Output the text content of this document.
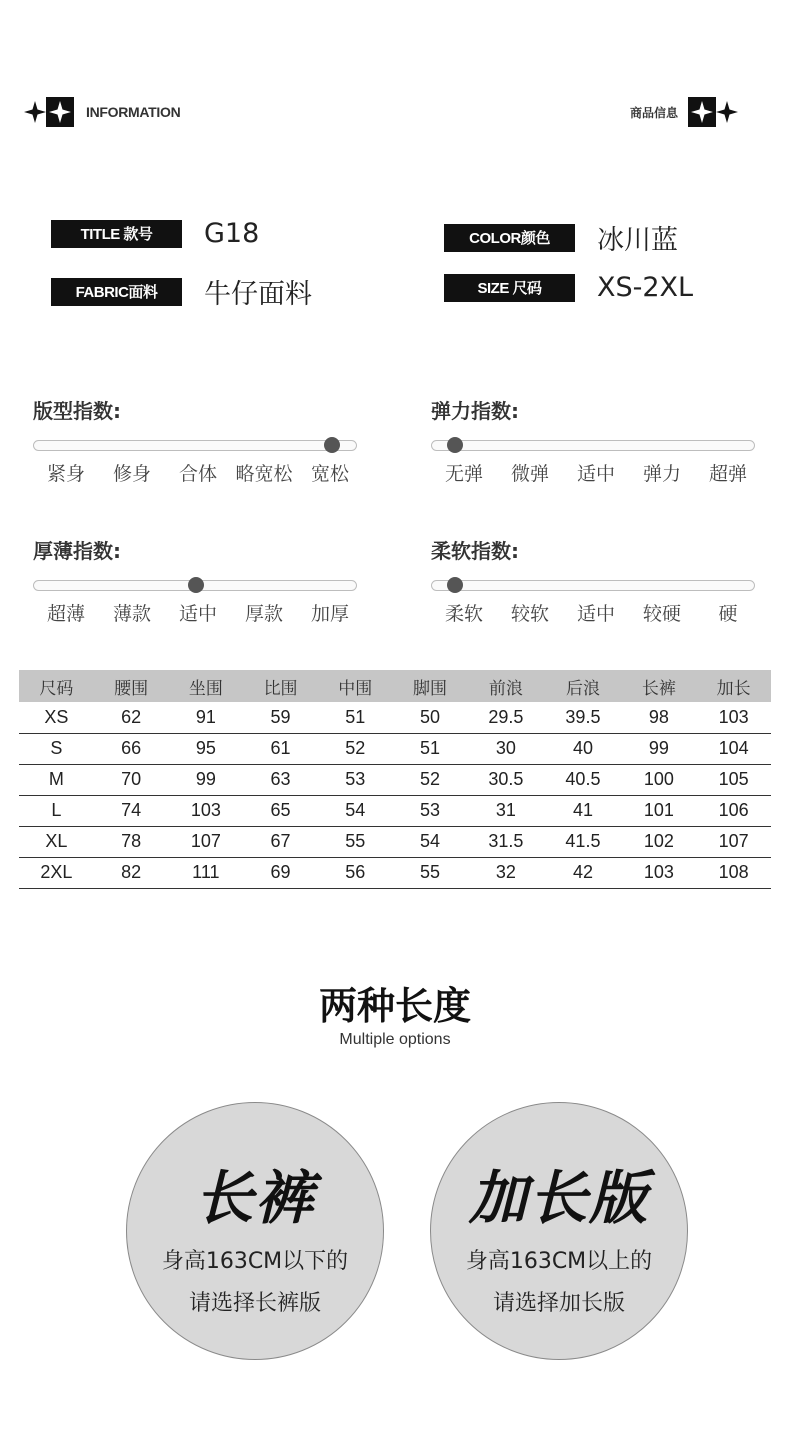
INFORMATION	商品信息
TITLE 款号	G18	COLOR颜色	冰川蓝
FABRIC面料	牛仔面料	SIZE 尺码	XS-2XL
版型指数:
紧身 修身 合体 略宽松 宽松
弹力指数:
无弹 微弹 适中 弹力 超弹
厚薄指数:
超薄 薄款 适中 厚款 加厚
柔软指数:
柔软 较软 适中 较硬 硬
尺码	腰围	坐围	比围	中围	脚围	前浪	后浪	长裤	加长
XS	62	91	59	51	50	29.5	39.5	98	103
S	66	95	61	52	51	30	40	99	104
M	70	99	63	53	52	30.5	40.5	100	105
L	74	103	65	54	53	31	41	101	106
XL	78	107	67	55	54	31.5	41.5	102	107
2XL	82	111	69	56	55	32	42	103	108
两种长度
Multiple options
长裤
身高163CM以下的
请选择长裤版
加长版
身高163CM以上的
请选择加长版
